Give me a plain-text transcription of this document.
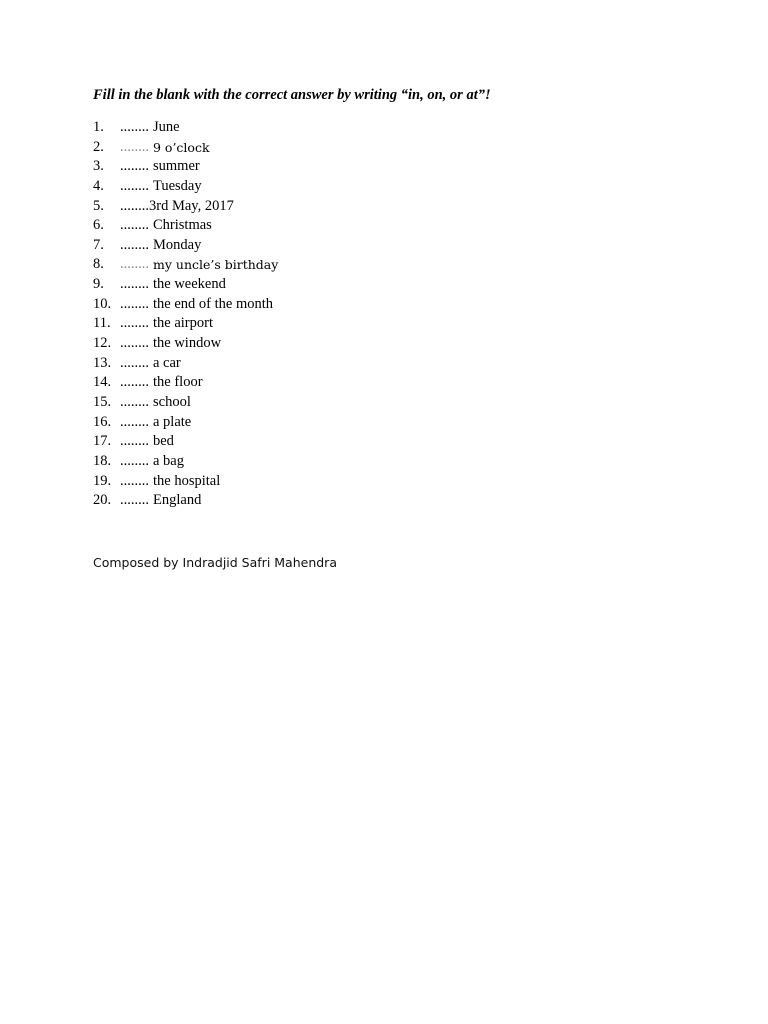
Fill in the blank with the correct answer by writing “in, on, or at”!
1.	........ June
2.	........ 9 o’clock
3.	........ summer
4.	........ Tuesday
5.	........ 3rd May, 2017
6.	........ Christmas
7.	........ Monday
8.	........ my uncle’s birthday
9.	........ the weekend
10. ........ the end of the month
11. ........ the airport
12. ........ the window
13. ........ a car
14. ........ the floor
15. ........ school
16. ........ a plate
17. ........ bed
18. ........ a bag
19. ........ the hospital
20. ........ England
Composed by Indradjid Safri Mahendra
